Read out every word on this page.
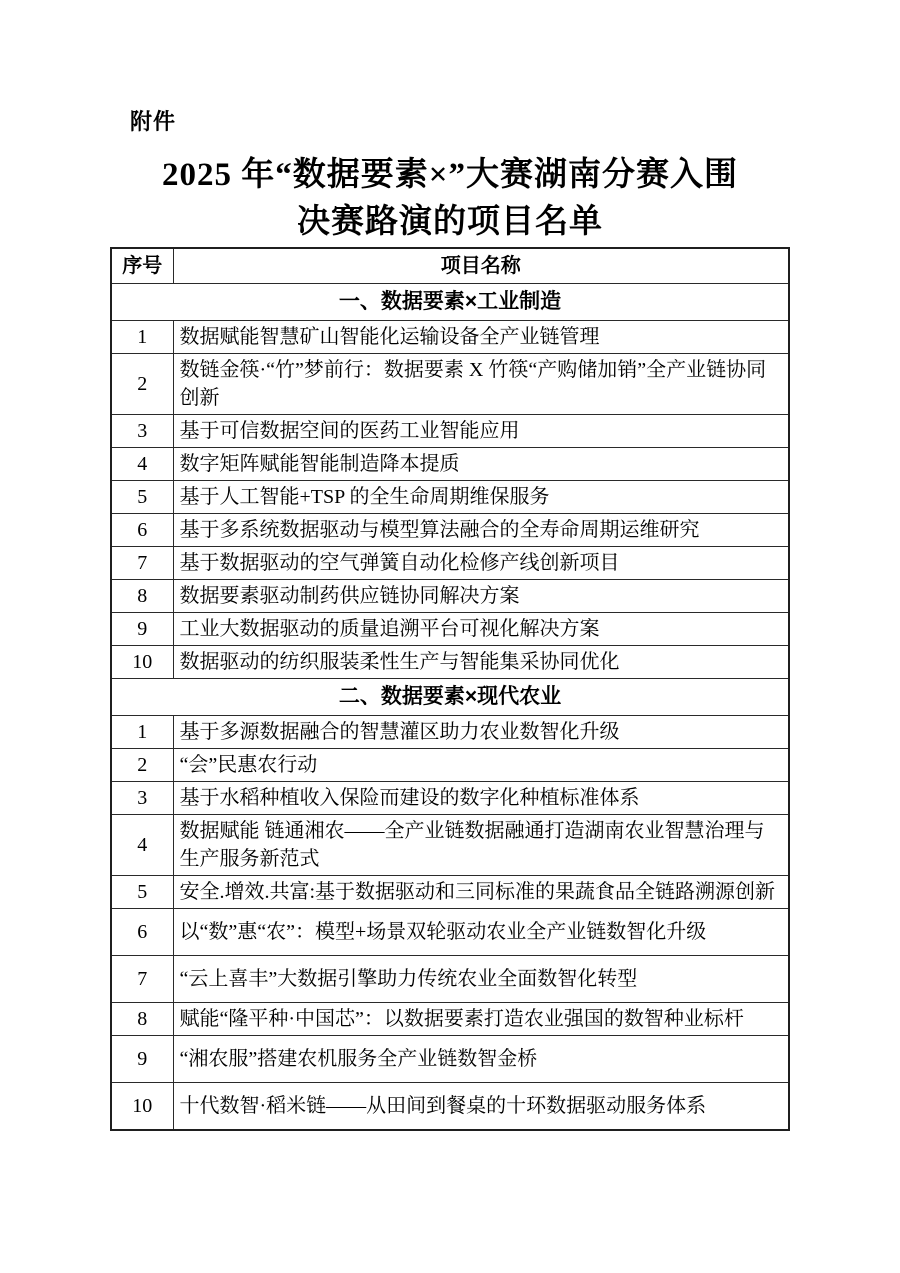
附件
2025 年“数据要素×”大赛湖南分赛入围
决赛路演的项目名单
序号	项目名称
一、数据要素×工业制造	
1	数据赋能智慧矿山智能化运输设备全产业链管理
2	数链金筷·“竹”梦前行：数据要素 X 竹筷“产购储加销”全产业链协同创新
3	基于可信数据空间的医药工业智能应用
4	数字矩阵赋能智能制造降本提质
5	基于人工智能+TSP 的全生命周期维保服务
6	基于多系统数据驱动与模型算法融合的全寿命周期运维研究
7	基于数据驱动的空气弹簧自动化检修产线创新项目
8	数据要素驱动制药供应链协同解决方案
9	工业大数据驱动的质量追溯平台可视化解决方案
10	数据驱动的纺织服装柔性生产与智能集采协同优化
二、数据要素×现代农业	
1	基于多源数据融合的智慧灌区助力农业数智化升级
2	“会”民惠农行动
3	基于水稻种植收入保险而建设的数字化种植标准体系
4	数据赋能 链通湘农——全产业链数据融通打造湖南农业智慧治理与生产服务新范式
5	安全.增效.共富:基于数据驱动和三同标准的果蔬食品全链路溯源创新
6	以“数”惠“农”：模型+场景双轮驱动农业全产业链数智化升级
7	“云上喜丰”大数据引擎助力传统农业全面数智化转型
8	赋能“隆平种·中国芯”：以数据要素打造农业强国的数智种业标杆
9	“湘农服”搭建农机服务全产业链数智金桥
10	十代数智·稻米链——从田间到餐桌的十环数据驱动服务体系
